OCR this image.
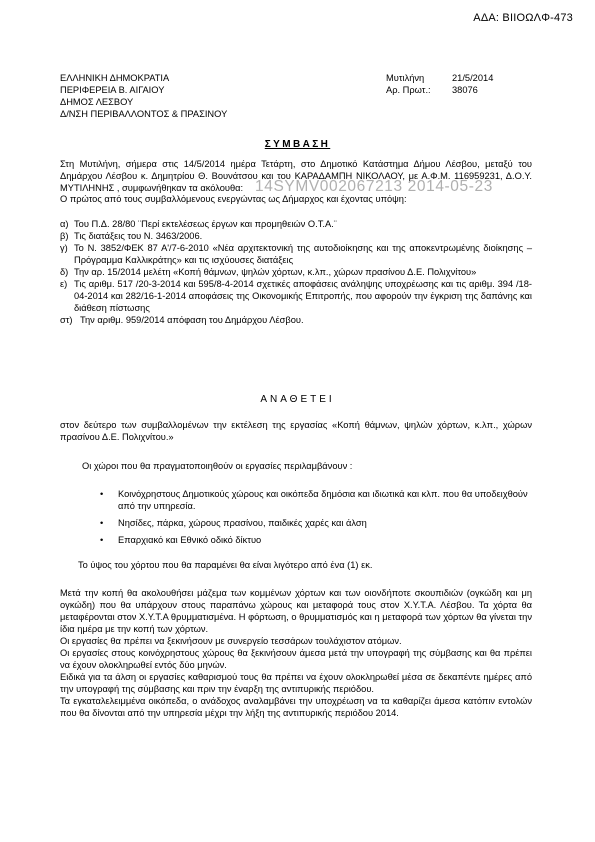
ΑΔΑ: ΒΙΙΟΩΛΦ-473
ΕΛΛΗΝΙΚΗ ΔΗΜΟΚΡΑΤΙΑ
ΠΕΡΙΦΕΡΕΙΑ Β. ΑΙΓΑΙΟΥ
ΔΗΜΟΣ ΛΕΣΒΟΥ
Δ/ΝΣΗ ΠΕΡΙΒΑΛΛΟΝΤΟΣ & ΠΡΑΣΙΝΟΥ
Μυτιλήνη	21/5/2014
Αρ. Πρωτ.: 38076
ΣΥΜΒΑΣΗ
Στη Μυτιλήνη, σήμερα στις 14/5/2014 ημέρα Τετάρτη, στο Δημοτικό Κατάστημα Δήμου Λέσβου, μεταξύ του Δημάρχου Λέσβου κ. Δημητρίου Θ. Βουνάτσου και του ΚΑΡΑΔΑΜΠΗ ΝΙΚΟΛΑΟΥ, με Α.Φ.Μ. 116959231, Δ.Ο.Υ. ΜΥΤΙΛΗΝΗΣ , συμφωνήθηκαν τα ακόλουθα: 14SYMV002067213 2014-05-23
Ο πρώτος από τους συμβαλλόμενους ενεργώντας ως Δήμαρχος και έχοντας υπόψη:
α) Του Π.Δ. 28/80 ¨Περί εκτελέσεως έργων και προμηθειών Ο.Τ.Α.¨
β) Τις διατάξεις του Ν. 3463/2006.
γ) Το Ν. 3852/ΦΕΚ 87 Α'/7-6-2010 «Νέα αρχιτεκτονική της αυτοδιοίκησης και της αποκεντρωμένης διοίκησης – Πρόγραμμα Καλλικράτης» και τις ισχύουσες διατάξεις
δ) Την αρ. 15/2014 μελέτη «Κοπή θάμνων, ψηλών χόρτων, κ.λπ., χώρων πρασίνου Δ.Ε. Πολιχνίτου»
ε) Τις αριθμ. 517 /20-3-2014 και 595/8-4-2014 σχετικές αποφάσεις ανάληψης υποχρέωσης και τις αριθμ. 394 /18-04-2014 και 282/16-1-2014 αποφάσεις της Οικονομικής Επιτροπής, που αφορούν την έγκριση της δαπάνης και διάθεση πίστωσης
στ) Την αριθμ. 959/2014 απόφαση του Δημάρχου Λέσβου.
ΑΝΑΘΕΤΕΙ
στον δεύτερο των συμβαλλομένων την εκτέλεση της εργασίας «Κοπή θάμνων, ψηλών χόρτων, κ.λπ., χώρων πρασίνου Δ.Ε. Πολιχνίτου.»
Οι χώροι που θα πραγματοποιηθούν οι εργασίες περιλαμβάνουν :
•	Κοινόχρηστους Δημοτικούς χώρους και οικόπεδα δημόσια και ιδιωτικά και κλπ. που θα υποδειχθούν από την υπηρεσία.
•	Νησίδες, πάρκα, χώρους πρασίνου, παιδικές χαρές και άλση
•	Επαρχιακό και Εθνικό οδικό δίκτυο
Το ύψος του χόρτου που θα παραμένει θα είναι λιγότερο από ένα (1) εκ.

Μετά την κοπή θα ακολουθήσει μάζεμα των κομμένων χόρτων και των οιονδήποτε σκουπιδιών (ογκώδη και μη ογκώδη) που θα υπάρχουν στους παραπάνω χώρους και μεταφορά τους στον Χ.Υ.Τ.Α. Λέσβου. Τα χόρτα θα μεταφέρονται στον Χ.Υ.Τ.Α θρυμματισμένα. Η φόρτωση, ο θρυμματισμός και η μεταφορά των χόρτων θα γίνεται την ίδια ημέρα με την κοπή των χόρτων.

Οι εργασίες θα πρέπει να ξεκινήσουν με συνεργείο τεσσάρων τουλάχιστον ατόμων.

Οι εργασίες στους κοινόχρηστους χώρους θα ξεκινήσουν άμεσα μετά την υπογραφή της σύμβασης και θα πρέπει να έχουν ολοκληρωθεί εντός δύο μηνών.

Ειδικά για τα άλση οι εργασίες καθαρισμού τους θα πρέπει να έχουν ολοκληρωθεί μέσα σε δεκαπέντε ημέρες από την υπογραφή της σύμβασης και πριν την έναρξη της αντιπυρικής περιόδου.

Τα εγκαταλελειμμένα οικόπεδα, ο ανάδοχος αναλαμβάνει την υποχρέωση να τα καθαρίζει άμεσα κατόπιν εντολών που θα δίνονται από την υπηρεσία μέχρι την λήξη της αντιπυρικής περιόδου 2014.
